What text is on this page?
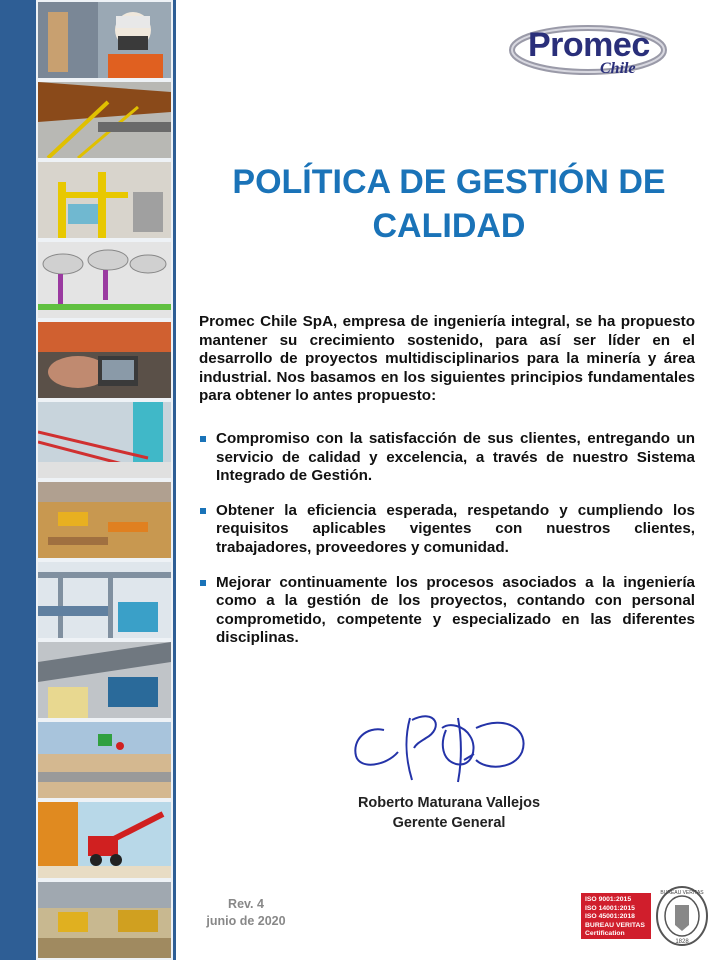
Promec
Chile
POLÍTICA DE GESTIÓN DE
CALIDAD
Promec Chile SpA, empresa de ingeniería integral, se ha propuesto mantener su crecimiento sostenido, para así ser líder en el desarrollo de proyectos multidisciplinarios para la minería y área industrial. Nos basamos en los siguientes principios fundamentales para obtener lo antes propuesto:
Compromiso con la satisfacción de sus clientes, entregando un servicio de calidad y excelencia, a través de nuestro Sistema Integrado de Gestión.
Obtener la eficiencia esperada, respetando y cumpliendo los requisitos aplicables vigentes con nuestros clientes, trabajadores, proveedores y comunidad.
Mejorar continuamente los procesos asociados a la ingeniería como a la gestión de los proyectos, contando con personal comprometido, competente y especializado en las diferentes disciplinas.
Roberto Maturana Vallejos
Gerente General
Rev. 4
junio de 2020
ISO 9001:2015
ISO 14001:2015
ISO 45001:2018
BUREAU VERITAS
Certification
BUREAU VERITAS
1828
